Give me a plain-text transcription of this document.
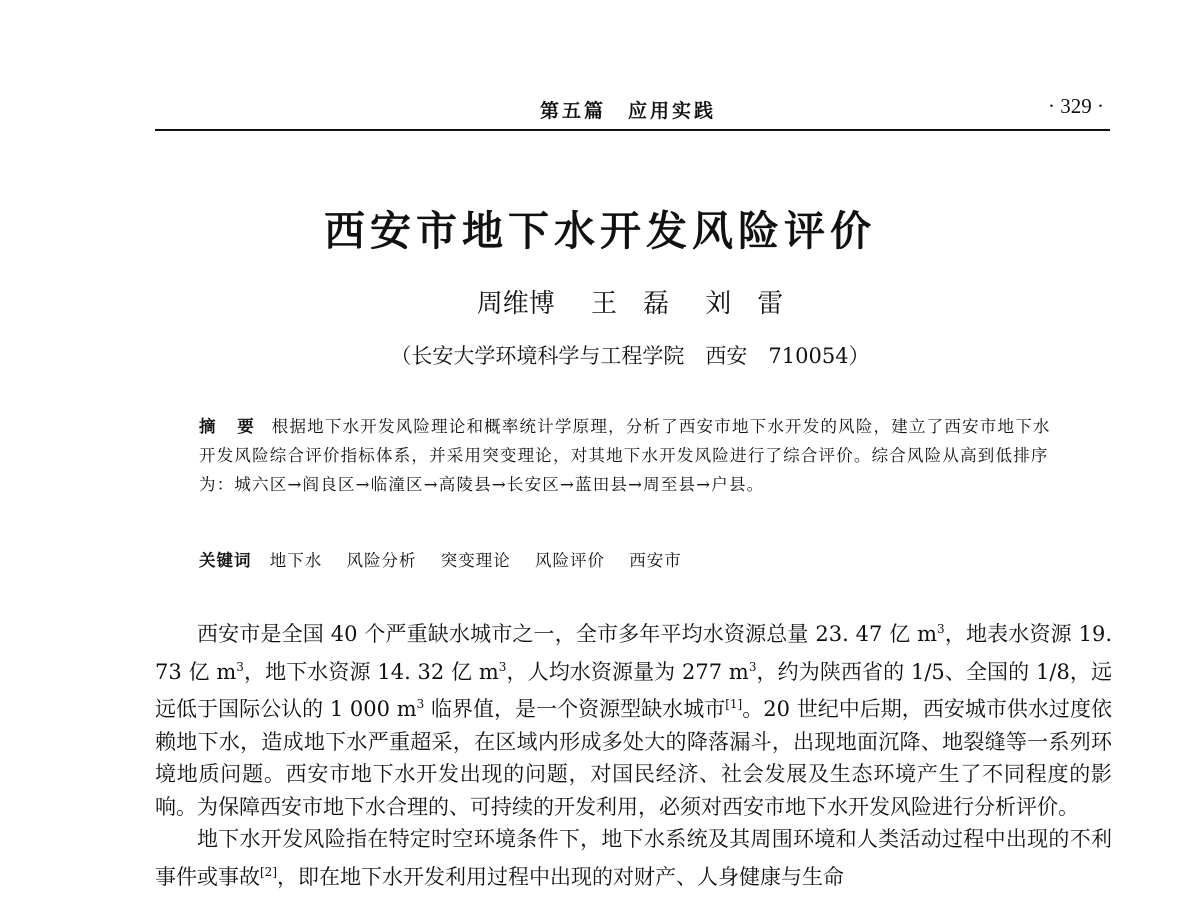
第五篇　应用实践	· 329 ·
西安市地下水开发风险评价
周维博 王　磊 刘　雷
（长安大学环境科学与工程学院　西安　710054）
摘 要 根据地下水开发风险理论和概率统计学原理，分析了西安市地下水开发的风险，建立了西安市地下水开发风险综合评价指标体系，并采用突变理论，对其地下水开发风险进行了综合评价。综合风险从高到低排序为：城六区→阎良区→临潼区→高陵县→长安区→蓝田县→周至县→户县。
关键词 地下水 风险分析 突变理论 风险评价 西安市

西安市是全国 40 个严重缺水城市之一，全市多年平均水资源总量 23. 47 亿 $m^3$，地表水资源 19. 73 亿 $m^3$，地下水资源 14. 32 亿 $m^3$，人均水资源量为 277 $m^3$，约为陕西省的 1/5、全国的 1/8，远远低于国际公认的 1 000 $m^3$ 临界值，是一个资源型缺水城市[1]。20 世纪中后期，西安城市供水过度依赖地下水，造成地下水严重超采，在区域内形成多处大的降落漏斗，出现地面沉降、地裂缝等一系列环境地质问题。西安市地下水开发出现的问题，对国民经济、社会发展及生态环境产生了不同程度的影响。为保障西安市地下水合理的、可持续的开发利用，必须对西安市地下水开发风险进行分析评价。

地下水开发风险指在特定时空环境条件下，地下水系统及其周围环境和人类活动过程中出现的不利事件或事故[2]，即在地下水开发利用过程中出现的对财产、人身健康与生命
